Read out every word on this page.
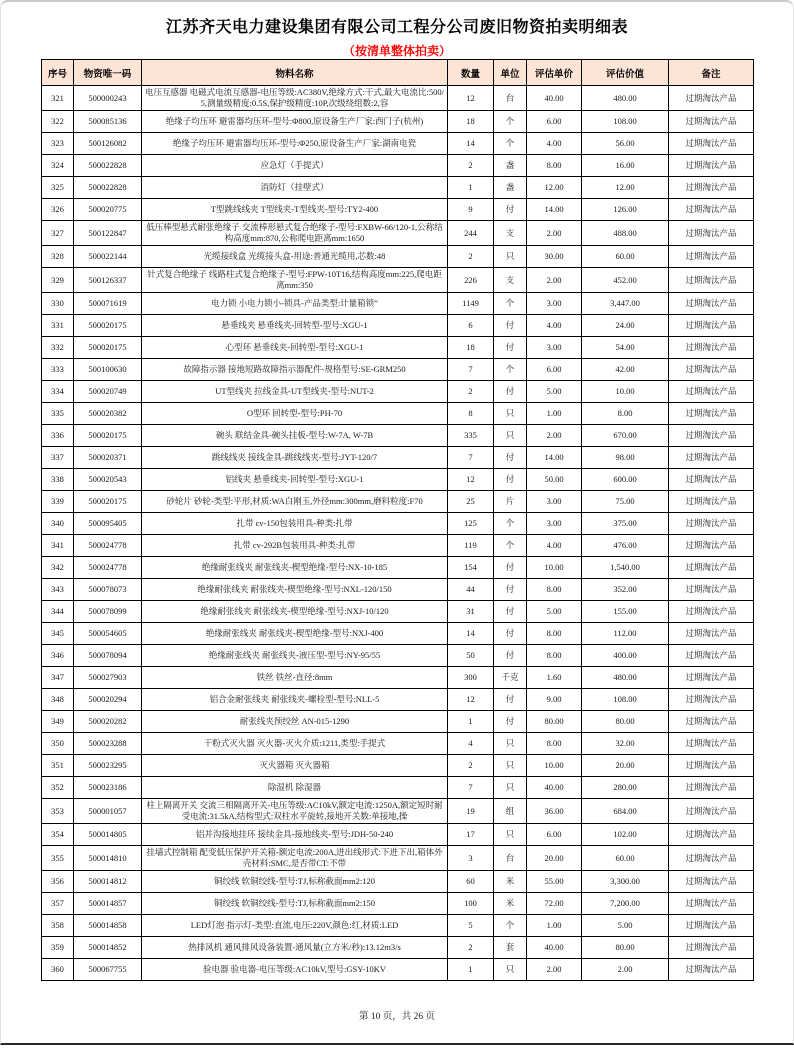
江苏齐天电力建设集团有限公司工程分公司废旧物资拍卖明细表
（按清单整体拍卖）
序号	物资唯一码	物料名称	数量	单位	评估单价	评估价值	备注
321	500000243	电压互感器 电磁式电流互感器-电压等级:AC380V,绝缘方式:干式,最大电流比:500/5,测量级精度:0.5S,保护级精度:10P,次级绕组数:2,容	12	台	40.00	480.00	过期淘汰产品
322	500085136	绝缘子均压环 避雷器均压环-型号:Φ800,原设备生产厂家:西门子(杭州)	18	个	6.00	108.00	过期淘汰产品
323	500126082	绝缘子均压环 避雷器均压环-型号:Φ250,原设备生产厂家:湖南电瓷	14	个	4.00	56.00	过期淘汰产品
324	500022828	应急灯（手提式）	2	盏	8.00	16.00	过期淘汰产品
325	500022828	消防灯（挂壁式）	1	盏	12.00	12.00	过期淘汰产品
326	500020775	T型跳线线夹 T型线夹-T型线夹-型号:TY2-400	9	付	14.00	126.00	过期淘汰产品
327	500122847	低压棒型悬式耐张绝缘子 交流棒形悬式复合绝缘子-型号:FXBW-66/120-1,公称结构高度mm:870,公称爬电距离mm:1650	244	支	2.00	488.00	过期淘汰产品
328	500022144	光缆接线盒 光缆接头盒-用途:普通光缆用,芯数:48	2	只	30.00	60.00	过期淘汰产品
329	500126337	针式复合绝缘子 线路柱式复合绝缘子-型号:FPW-10T16,结构高度mm:225,爬电距离mm:350	226	支	2.00	452.00	过期淘汰产品
330	500071619	电力锁 小电力锁小-锁具-产品类型:计量箱锁”	1149	个	3.00	3,447.00	过期淘汰产品
331	500020175	悬垂线夹 悬垂线夹-回转型-型号:XGU-1	6	付	4.00	24.00	过期淘汰产品
332	500020175	心型环 悬垂线夹-回转型-型号:XGU-1	18	付	3.00	54.00	过期淘汰产品
333	500100630	故障指示器 接地短路故障指示器配件-规格型号:SE-GRM250	7	个	6.00	42.00	过期淘汰产品
334	500020749	UT型线夹 拉线金具-UT型线夹-型号:NUT-2	2	付	5.00	10.00	过期淘汰产品
335	500020382	O型环 回转型-型号:PH-70	8	只	1.00	8.00	过期淘汰产品
336	500020175	碗头 联结金具-碗头挂板-型号:W-7A, W-7B	335	只	2.00	670.00	过期淘汰产品
337	500020371	跳线线夹 接线金具-跳线线夹-型号:JYT-120/7	7	付	14.00	98.00	过期淘汰产品
338	500020543	铝线夹 悬垂线夹-回转型-型号:XGU-1	12	付	50.00	600.00	过期淘汰产品
339	500020175	砂轮片 砂轮-类型:平形,材质:WA白刚玉,外径mm:300mm,磨料粒度:F70	25	片	3.00	75.00	过期淘汰产品
340	500095405	扎带 cv-150包装用具-种类:扎带	125	个	3.00	375.00	过期淘汰产品
341	500024778	扎带 cv-292B包装用具-种类:扎带	119	个	4.00	476.00	过期淘汰产品
342	500024778	绝缘耐张线夹 耐张线夹-楔型绝缘-型号:NX-10-185	154	付	10.00	1,540.00	过期淘汰产品
343	500078073	绝缘耐张线夹 耐张线夹-楔型绝缘-型号:NXL-120/150	44	付	8.00	352.00	过期淘汰产品
344	500078099	绝缘耐张线夹 耐张线夹-楔型绝缘-型号:NXJ-10/120	31	付	5.00	155.00	过期淘汰产品
345	500054605	绝缘耐张线夹 耐张线夹-楔型绝缘-型号:NXJ-400	14	付	8.00	112.00	过期淘汰产品
346	500078094	绝缘耐张线夹 耐张线夹-液压型-型号:NY-95/55	50	付	8.00	400.00	过期淘汰产品
347	500027903	铁丝 铁丝-直径:8mm	300	千克	1.60	480.00	过期淘汰产品
348	500020294	铝合金耐张线夹 耐张线夹-螺栓型-型号:NLL-5	12	付	9.00	108.00	过期淘汰产品
349	500020282	耐张线夹预绞丝 AN-015-1290	1	付	80.00	80.00	过期淘汰产品
350	500023288	干粉式灭火器 灭火器-灭火介质:1211,类型:手提式	4	只	8.00	32.00	过期淘汰产品
351	500023295	灭火器箱 灭火器箱	2	只	10.00	20.00	过期淘汰产品
352	500023186	除湿机 除湿器	7	只	40.00	280.00	过期淘汰产品
353	500001057	柱上隔离开关 交流三相隔离开关-电压等级:AC10kV,额定电流:1250A,额定短时耐受电流:31.5kA,结构型式:双柱水平旋转,接地开关数:单接地,操	19	组	36.00	684.00	过期淘汰产品
354	500014805	铝并沟接地挂环 接续金具-接地线夹-型号:JDH-50-240	17	只	6.00	102.00	过期淘汰产品
355	500014810	挂墙式控制箱 配变低压保护开关箱-额定电流:200A,进出线形式:下进下出,箱体外壳材料:SMC,是否带CT:不带	3	台	20.00	60.00	过期淘汰产品
356	500014812	铜绞线 软铜绞线-型号:TJ,标称截面mm2:120	60	米	55.00	3,300.00	过期淘汰产品
357	500014857	铜绞线 软铜绞线-型号:TJ,标称截面mm2:150	100	米	72.00	7,200.00	过期淘汰产品
358	500014858	LED灯泡 指示灯-类型:直流,电压:220V,颜色:红,材质:LED	5	个	1.00	5.00	过期淘汰产品
359	500014852	热排风机 通风排风设备装置-通风量(立方米/秒):13.12m3/s	2	套	40.00	80.00	过期淘汰产品
360	500067755	验电器 验电器-电压等级:AC10kV,型号:GSY-10KV	1	只	2.00	2.00	过期淘汰产品
第 10 页，共 26 页
